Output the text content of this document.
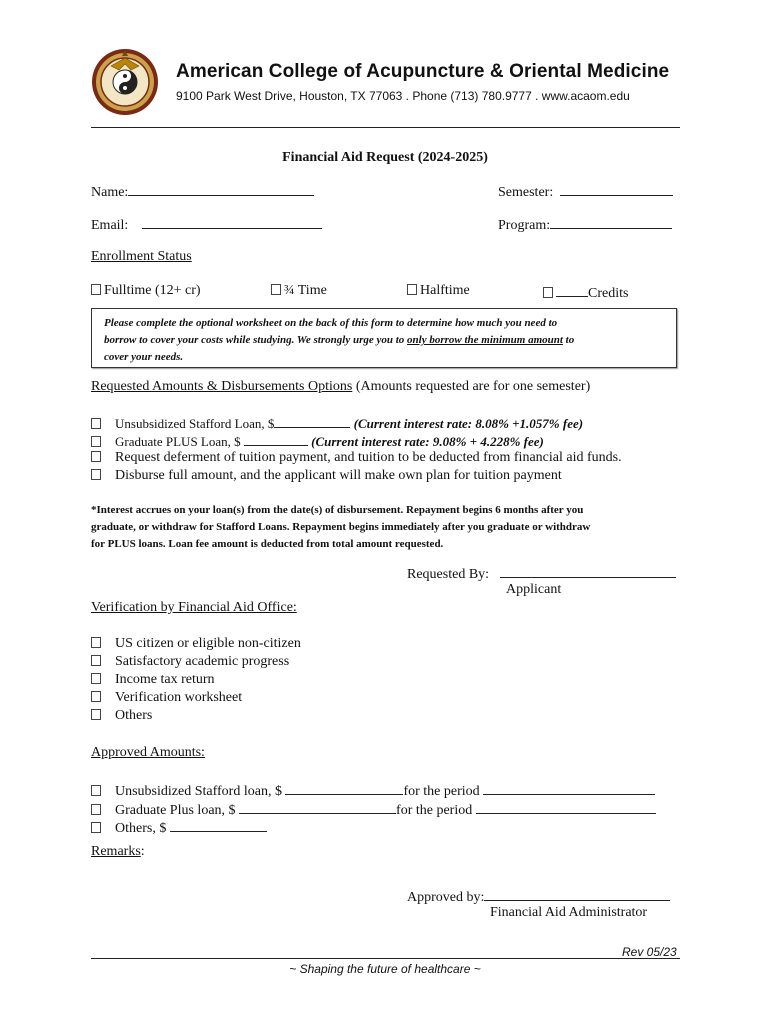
American College of Acupuncture & Oriental Medicine
9100 Park West Drive, Houston, TX 77063 . Phone (713) 780.9777 . www.acaom.edu
Financial Aid Request (2024-2025)
Name:	Semester:
Email:	Program:
Enrollment Status
Fulltime (12+ cr)	¾ Time	Halftime	Credits
Please complete the optional worksheet on the back of this form to determine how much you need to
borrow to cover your costs while studying. We strongly urge you to only borrow the minimum amount to
cover your needs.
Requested Amounts & Disbursements Options (Amounts requested are for one semester)
Unsubsidized Stafford Loan, $	(Current interest rate: 8.08% +1.057% fee)
Graduate PLUS Loan, $	(Current interest rate: 9.08% + 4.228% fee)
Request deferment of tuition payment, and tuition to be deducted from financial aid funds.
Disburse full amount, and the applicant will make own plan for tuition payment
*Interest accrues on your loan(s) from the date(s) of disbursement. Repayment begins 6 months after you
graduate, or withdraw for Stafford Loans. Repayment begins immediately after you graduate or withdraw
for PLUS loans. Loan fee amount is deducted from total amount requested.
Requested By:
Applicant
Verification by Financial Aid Office:
US citizen or eligible non-citizen
Satisfactory academic progress
Income tax return
Verification worksheet
Others
Approved Amounts:
Unsubsidized Stafford loan, $	for the period
Graduate Plus loan, $	for the period
Others, $
Remarks:
Approved by:
Financial Aid Administrator
Rev 05/23
~ Shaping the future of healthcare ~
